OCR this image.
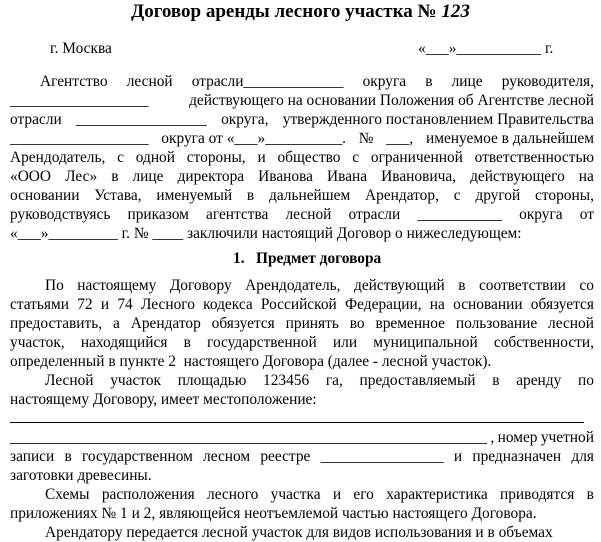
Договор аренды лесного участка № 123
г. Москва	«___»___________ г.
Агентство лесной отрасли_____________ округа в лице руководителя,
__________________	действующего на основании Положения об Агентстве лесной
отрасли _________________ округа, утвержденного постановлением Правительства
__________________ округа от «___»__________. № ___, именуемое в дальнейшем
Арендодатель, с одной стороны, и общество с ограниченной ответственностью
«ООО Лес» в лице директора Иванова Ивана Ивановича, действующего на
основании Устава, именуемый в дальнейшем Арендатор, с другой стороны,
руководствуясь приказом агентства лесной отрасли ___________ округа от
«___»_________ г. № ____ заключили настоящий Договор о нижеследующем:
1. Предмет договора
По настоящему Договору Арендодатель, действующий в соответствии со
статьями 72 и 74 Лесного кодекса Российской Федерации, на основании обязуется
предоставить, а Арендатор обязуется принять во временное пользование лесной
участок, находящийся в государственной или муниципальной собственности,
определенный в пункте 2  настоящего Договора (далее - лесной участок).
Лесной участок площадью 123456 га, предоставляемый в аренду по
настоящему Договору, имеет местоположение:
______________________________________________________________ , номер учетной
записи в государственном лесном реестре ________________ и предназначен для
заготовки древесины.
Схемы расположения лесного участка и его характеристика приводятся в
приложениях № 1 и 2, являющейся неотъемлемой частью настоящего Договора.
Арендатору передается лесной участок для видов использования и в объемах
